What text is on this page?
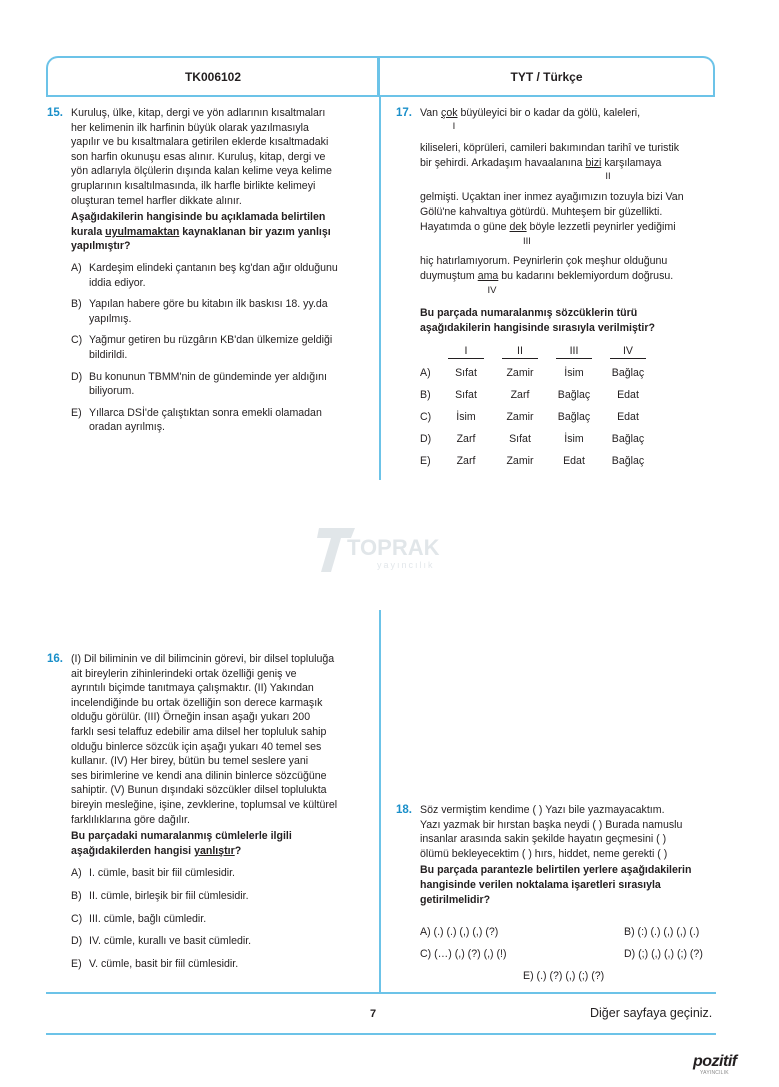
TK006102	TYT / Türkçe
15. Kuruluş, ülke, kitap, dergi ve yön adlarının kısaltmaları

her kelimenin ilk harfinin büyük olarak yazılmasıyla

yapılır ve bu kısaltmalara getirilen eklerde kısaltmadaki

son harfin okunuşu esas alınır. Kuruluş, kitap, dergi ve

yön adlarıyla ölçülerin dışında kalan kelime veya kelime

gruplarının kısaltılmasında, ilk harfle birlikte kelimeyi

oluşturan temel harfler dikkate alınır.

Aşağıdakilerin hangisinde bu açıklamada belirtilen

kurala uyulmamaktan kaynaklanan bir yazım yanlışı

yapılmıştır?

A) Kardeşim elindeki çantanın beş kg'dan ağır olduğunu

iddia ediyor.

B) Yapılan habere göre bu kitabın ilk baskısı 18. yy.da

yapılmış.

C) Yağmur getiren bu rüzgârın KB'dan ülkemize geldiği

bildirildi.

D) Bu konunun TBMM'nin de gündeminde yer aldığını

biliyorum.

E) Yıllarca DSİ'de çalıştıktan sonra emekli olamadan

oradan ayrılmış.

17. Van çok büyüleyici bir o kadar da gölü, kaleleri,
I
kiliseleri, köprüleri, camileri bakımından tarihî ve turistik
bir şehirdi. Arkadaşım havaalanına bizi karşılamaya
II
gelmişti. Uçaktan iner inmez ayağımızın tozuyla bizi Van
Gölü'ne kahvaltıya götürdü. Muhteşem bir güzellikti.
Hayatımda o güne dek böyle lezzetli peynirler yediğimi
III
hiç hatırlamıyorum. Peynirlerin çok meşhur olduğunu
duymuştum ama bu kadarını beklemiyordum doğrusu.
IV

Bu parçada numaralanmış sözcüklerin türü

aşağıdakilerin hangisinde sırasıyla verilmiştir?

I	II	III	IV
A)	Sıfat	Zamir	İsim	Bağlaç
B)	Sıfat	Zarf	Bağlaç	Edat
C)	İsim	Zamir	Bağlaç	Edat
D)	Zarf	Sıfat	İsim	Bağlaç
E)	Zarf	Zamir	Edat	Bağlaç
TOPRAK
yayıncılık
16. (I) Dil biliminin ve dil bilimcinin görevi, bir dilsel topluluğa

ait bireylerin zihinlerindeki ortak özelliği geniş ve

ayrıntılı biçimde tanıtmaya çalışmaktır. (II) Yakından

incelendiğinde bu ortak özelliğin son derece karmaşık

olduğu görülür. (III) Örneğin insan aşağı yukarı 200

farklı sesi telaffuz edebilir ama dilsel her topluluk sahip

olduğu binlerce sözcük için aşağı yukarı 40 temel ses

kullanır. (IV) Her birey, bütün bu temel seslere yani

ses birimlerine ve kendi ana dilinin binlerce sözcüğüne

sahiptir. (V) Bunun dışındaki sözcükler dilsel toplulukta

bireyin mesleğine, işine, zevklerine, toplumsal ve kültürel

farklılıklarına göre dağılır.

Bu parçadaki numaralanmış cümlelerle ilgili

aşağıdakilerden hangisi yanlıştır?

A) I. cümle, basit bir fiil cümlesidir.
B) II. cümle, birleşik bir fiil cümlesidir.
C) III. cümle, bağlı cümledir.
D) IV. cümle, kurallı ve basit cümledir.
E) V. cümle, basit bir fiil cümlesidir.
18. Söz vermiştim kendime ( ) Yazı bile yazmayacaktım.

Yazı yazmak bir hırstan başka neydi ( ) Burada namuslu

insanlar arasında sakin şekilde hayatın geçmesini ( )

ölümü bekleyecektim ( ) hırs, hiddet, neme gerekti ( )

Bu parçada parantezle belirtilen yerlere aşağıdakilerin

hangisinde verilen noktalama işaretleri sırasıyla

getirilmelidir?

A) (.) (.) (,) (,) (?)	B) (:) (.) (,) (,) (.)
C) (…) (,) (?) (,) (!)	D) (;) (,) (,) (;) (?)
E) (.) (?) (,) (;) (?)
7	Diğer sayfaya geçiniz.
pozitif
YAYINCILIK
